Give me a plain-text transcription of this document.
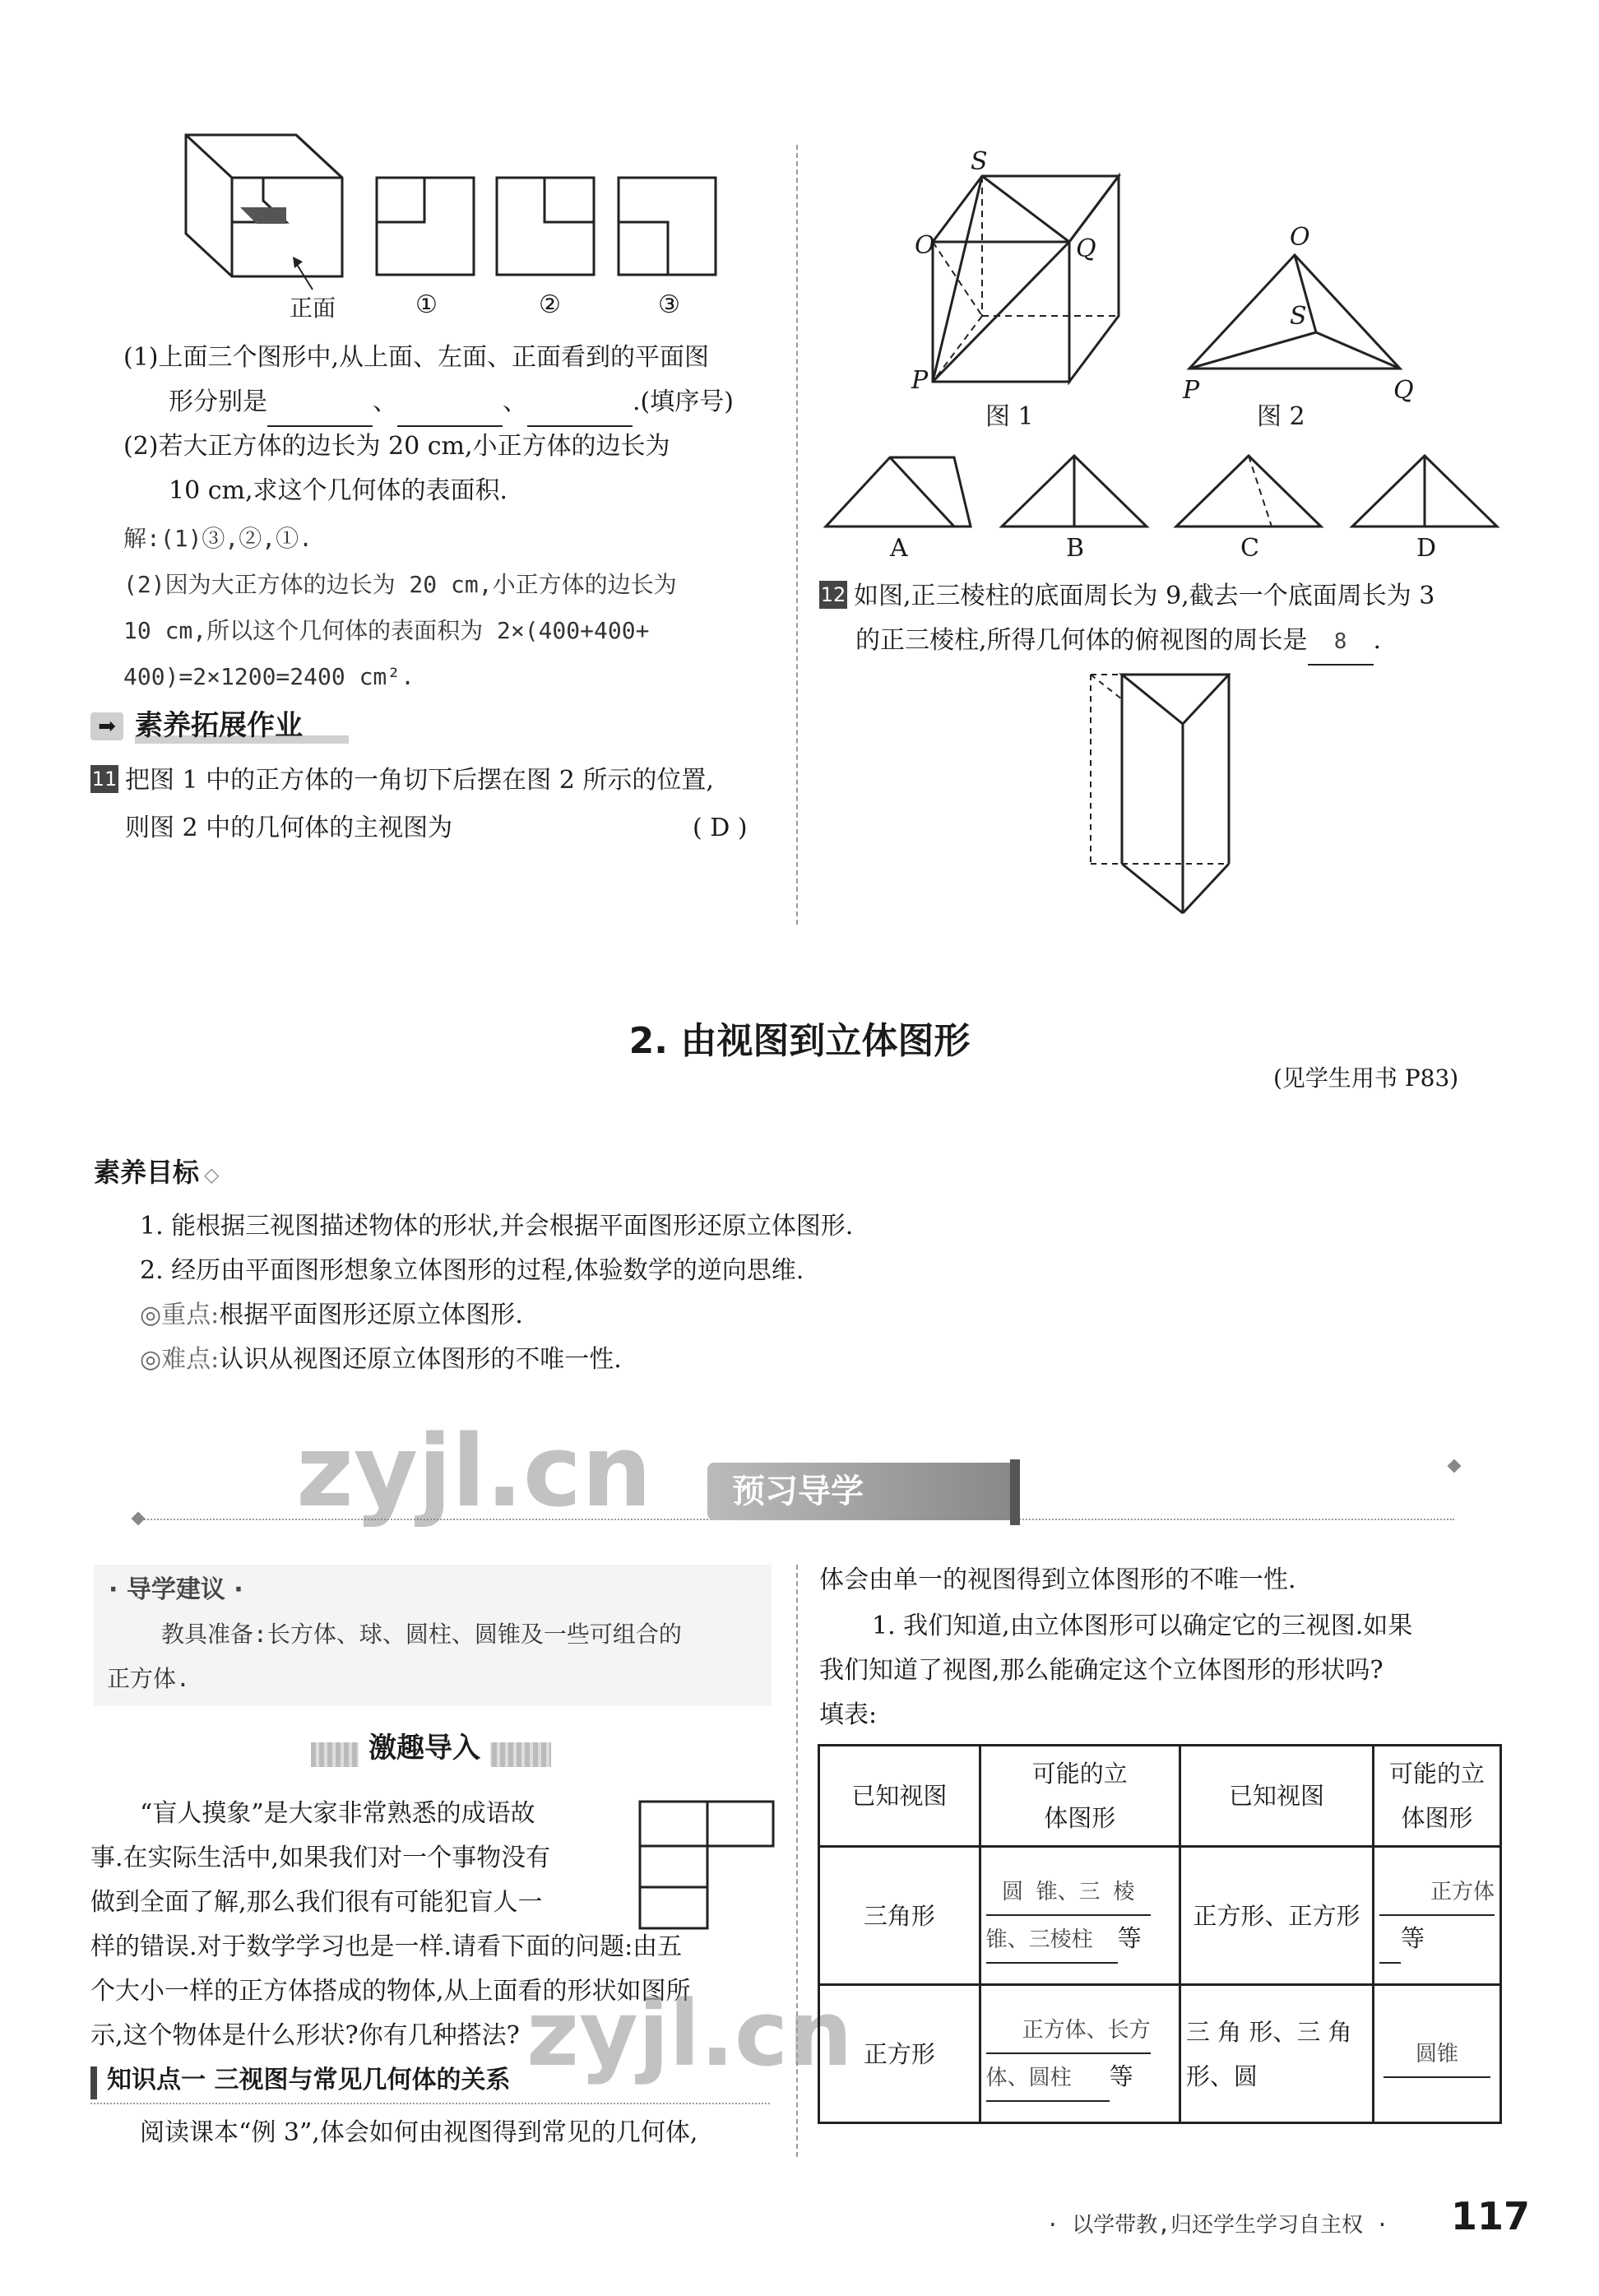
正面	①	②	③
(1)上面三个图形中,从上面、左面、正面看到的平面图
形分别是	、	、	.(填序号)
(2)若大正方体的边长为 20 cm,小正方体的边长为
10 cm,求这个几何体的表面积.
解:(1)③,②,①.
(2)因为大正方体的边长为 20 cm,小正方体的边长为
10 cm,所以这个几何体的表面积为 2×(400+400+
400)=2×1200=2400 cm².
➡ 素养拓展作业
11 把图 1 中的正方体的一角切下后摆在图 2 所示的位置,
则图 2 中的几何体的主视图为	( D )
S
O	Q
P
图 1
O
S
P	Q
图 2
A	B	C	D
12 如图,正三棱柱的底面周长为 9,截去一个底面周长为 3
的正三棱柱,所得几何体的俯视图的周长是 8 .
2. 由视图到立体图形
(见学生用书 P83)
素养目标 ◇
1. 能根据三视图描述物体的形状,并会根据平面图形还原立体图形.
2. 经历由平面图形想象立体图形的过程,体验数学的逆向思维.
◎重点:根据平面图形还原立体图形.
◎难点:认识从视图还原立体图形的不唯一性.
预习导学
zyjl.cn
· 导学建议 ·
教具准备:长方体、球、圆柱、圆锥及一些可组合的
正方体.
激趣导入
“盲人摸象”是大家非常熟悉的成语故
事.在实际生活中,如果我们对一个事物没有
做到全面了解,那么我们很有可能犯盲人一
样的错误.对于数学学习也是一样.请看下面的问题:由五
个大小一样的正方体搭成的物体,从上面看的形状如图所
示,这个物体是什么形状?你有几种搭法?
知识点一 三视图与常见几何体的关系
阅读课本“例 3”,体会如何由视图得到常见的几何体,
zyjl.cn
体会由单一的视图得到立体图形的不唯一性.
1. 我们知道,由立体图形可以确定它的三视图.如果
我们知道了视图,那么能确定这个立体图形的形状吗?
填表:
已知视图	可能的立
体图形	已知视图	可能的立
体图形
三角形	圆 锥、三 棱
锥、三棱柱 等	正方形、正方形	正方体
等
正方形	正方体、长方
体、圆柱 等	三 角 形、三 角
形、圆	圆锥
· 以学带教,归还学生学习自主权 · 117
